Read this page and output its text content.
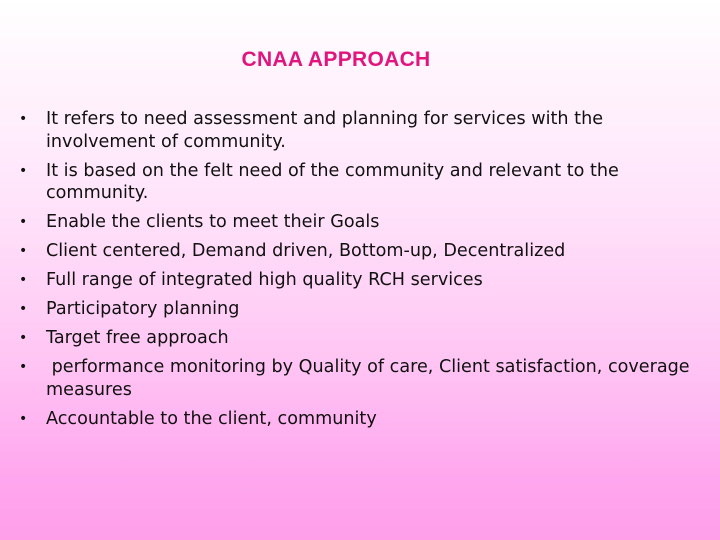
CNAA APPROACH
• It refers to need assessment and planning for services with the involvement of community.
• It is based on the felt need of the community and relevant to the community.
• Enable the clients to meet their Goals
• Client centered, Demand driven, Bottom-up, Decentralized
• Full range of integrated high quality RCH services
• Participatory planning
• Target free approach
• performance monitoring by Quality of care, Client satisfaction, coverage measures
• Accountable to the client, community
